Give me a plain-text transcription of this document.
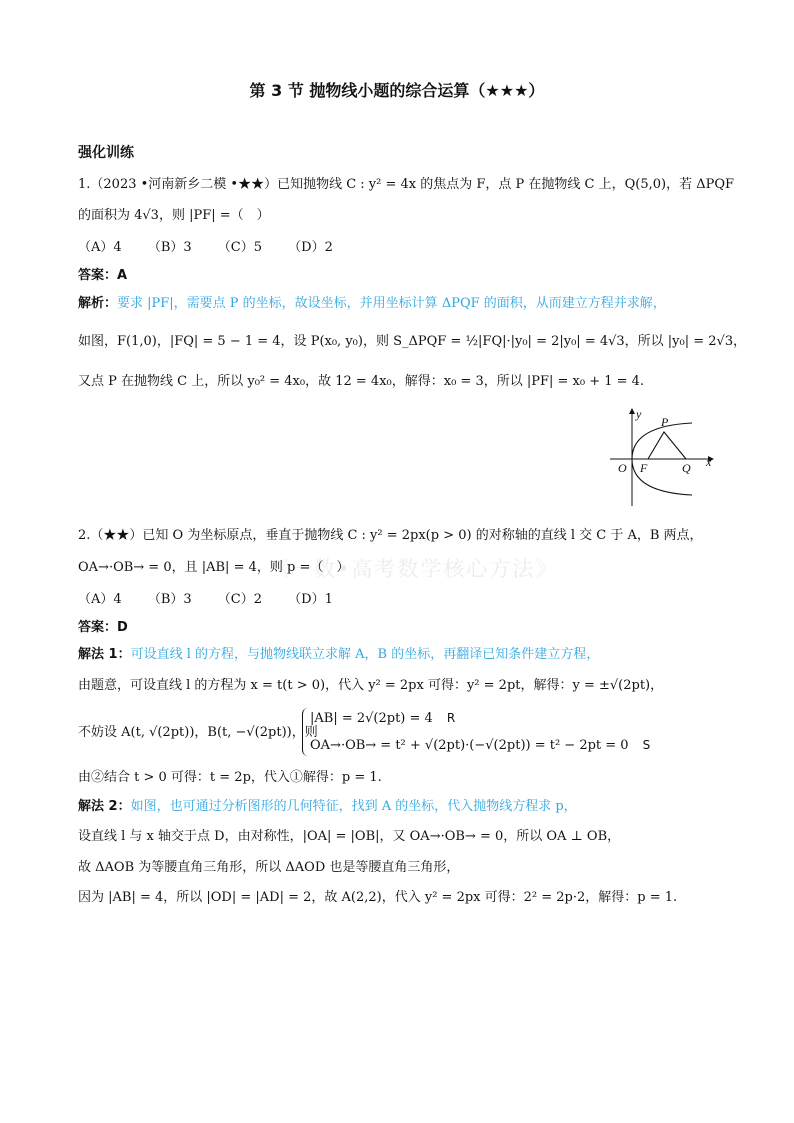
第 3 节 抛物线小题的综合运算（★★★）
强化训练
1.（2023 •河南新乡二模 •★★）已知抛物线 C : y² = 4x 的焦点为 F，点 P 在抛物线 C 上，Q(5,0)，若 ΔPQF
的面积为 4√3，则 |PF| =（　）
（A）4 （B）3 （C）5 （D）2
答案：A
解析：要求 |PF|，需要点 P 的坐标，故设坐标，并用坐标计算 ΔPQF 的面积，从而建立方程并求解，
如图，F(1,0)，|FQ| = 5 − 1 = 4，设 P(x₀, y₀)，则 S_ΔPQF = ½|FQ|·|y₀| = 2|y₀| = 4√3，所以 |y₀| = 2√3，
又点 P 在抛物线 C 上，所以 y₀² = 4x₀，故 12 = 4x₀，解得：x₀ = 3，所以 |PF| = x₀ + 1 = 4.
y
x
O F
P
Q
《一数•高考数学核心方法》
2.（★★）已知 O 为坐标原点，垂直于抛物线 C : y² = 2px(p > 0) 的对称轴的直线 l 交 C 于 A，B 两点，
OA→·OB→ = 0，且 |AB| = 4，则 p =（　）
（A）4 （B）3 （C）2 （D）1
答案：D
解法 1：可设直线 l 的方程，与抛物线联立求解 A，B 的坐标，再翻译已知条件建立方程，
由题意，可设直线 l 的方程为 x = t(t > 0)，代入 y² = 2px 可得：y² = 2pt，解得：y = ±√(2pt)，
不妨设 A(t, √(2pt))，B(t, −√(2pt))，则
|AB| = 2√(2pt) = 4 R
OA→·OB→ = t² + √(2pt)·(−√(2pt)) = t² − 2pt = 0 S
由②结合 t > 0 可得：t = 2p，代入①解得：p = 1.
解法 2：如图，也可通过分析图形的几何特征，找到 A 的坐标，代入抛物线方程求 p，
设直线 l 与 x 轴交于点 D，由对称性，|OA| = |OB|，又 OA→·OB→ = 0，所以 OA ⊥ OB，
故 ΔAOB 为等腰直角三角形，所以 ΔAOD 也是等腰直角三角形，
因为 |AB| = 4，所以 |OD| = |AD| = 2，故 A(2,2)，代入 y² = 2px 可得：2² = 2p·2，解得：p = 1.
